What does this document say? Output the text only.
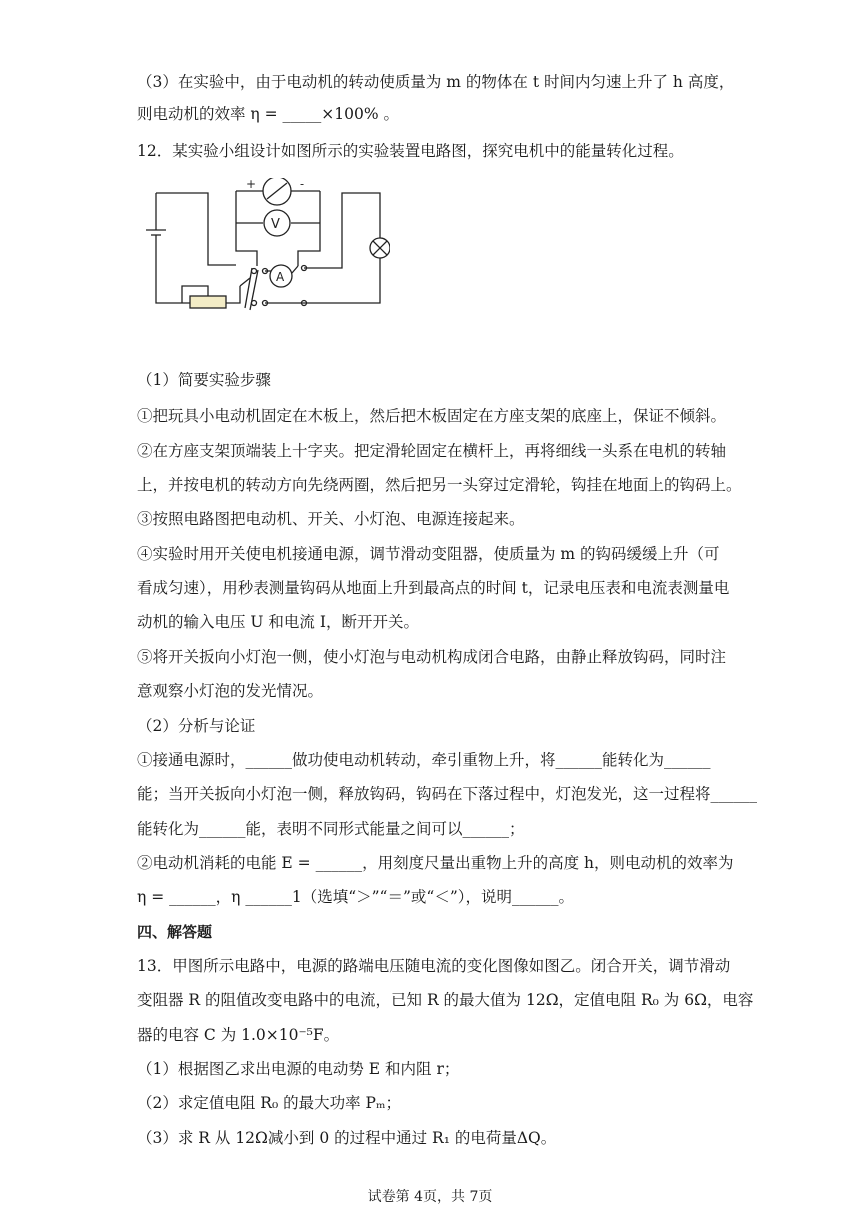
（3）在实验中，由于电动机的转动使质量为 m 的物体在 t 时间内匀速上升了 h 高度，
则电动机的效率 η = _____×100% 。
12．某实验小组设计如图所示的实验装置电路图，探究电机中的能量转化过程。
+	-
V
A
（1）简要实验步骤
①把玩具小电动机固定在木板上，然后把木板固定在方座支架的底座上，保证不倾斜。
②在方座支架顶端装上十字夹。把定滑轮固定在横杆上，再将细线一头系在电机的转轴
上，并按电机的转动方向先绕两圈，然后把另一头穿过定滑轮，钩挂在地面上的钩码上。
③按照电路图把电动机、开关、小灯泡、电源连接起来。
④实验时用开关使电机接通电源，调节滑动变阻器，使质量为 m 的钩码缓缓上升（可
看成匀速），用秒表测量钩码从地面上升到最高点的时间 t，记录电压表和电流表测量电
动机的输入电压 U 和电流 I，断开开关。
⑤将开关扳向小灯泡一侧，使小灯泡与电动机构成闭合电路，由静止释放钩码，同时注
意观察小灯泡的发光情况。
（2）分析与论证
①接通电源时，______做功使电动机转动，牵引重物上升，将______能转化为______
能；当开关扳向小灯泡一侧，释放钩码，钩码在下落过程中，灯泡发光，这一过程将______
能转化为______能，表明不同形式能量之间可以______；
②电动机消耗的电能 E = ______，用刻度尺量出重物上升的高度 h，则电动机的效率为
η = ______，η ______1（选填“＞”“＝”或“＜”），说明______。
四、解答题
13．甲图所示电路中，电源的路端电压随电流的变化图像如图乙。闭合开关，调节滑动
变阻器 R 的阻值改变电路中的电流，已知 R 的最大值为 12Ω，定值电阻 R₀ 为 6Ω，电容
器的电容 C 为 1.0×10⁻⁵F。
（1）根据图乙求出电源的电动势 E 和内阻 r；
（2）求定值电阻 R₀ 的最大功率 Pₘ；
（3）求 R 从 12Ω减小到 0 的过程中通过 R₁ 的电荷量ΔQ。
试卷第 4页，共 7页
